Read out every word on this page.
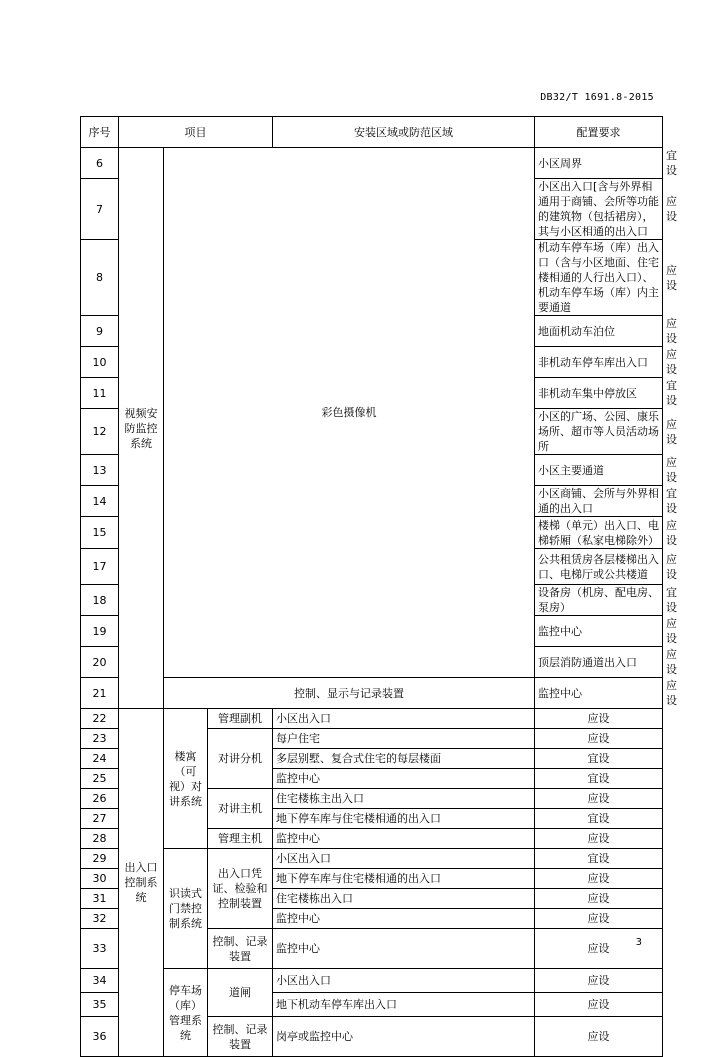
DB32/T 1691.8-2015
序号	项目			安装区域或防范区域	配置要求	
6	视频安防监控系统	彩色摄像机			小区周界	宜设
7					小区出入口[含与外界相通用于商铺、会所等功能的建筑物（包括裙房），其与小区相通的出入口	应设
8					机动车停车场（库）出入口（含与小区地面、住宅楼相通的人行出入口）、机动车停车场（库）内主要通道	应设
9					地面机动车泊位	应设
10					非机动车停车库出入口	应设
11					非机动车集中停放区	宜设
12					小区的广场、公园、康乐场所、超市等人员活动场所	应设
13					小区主要通道	应设
14					小区商铺、会所与外界相通的出入口	宜设
15					楼梯（单元）出入口、电梯轿厢（私家电梯除外）	应设
17					公共租赁房各层楼梯出入口、电梯厅或公共楼道	应设
18					设备房（机房、配电房、泵房）	宜设
19					监控中心	应设
20					顶层消防通道出入口	应设
21		控制、显示与记录装置			监控中心	应设
22	出入口控制系统	楼寓（可视）对讲系统	管理副机	小区出入口	应设	
23			对讲分机	每户住宅	应设	
24				多层别墅、复合式住宅的每层楼面	宜设	
25				监控中心	宜设	
26			对讲主机	住宅楼栋主出入口	应设	
27				地下停车库与住宅楼相通的出入口	宜设	
28			管理主机	监控中心	应设	
29		识读式门禁控制系统	出入口凭证、检验和控制装置	小区出入口	宜设	
30				地下停车库与住宅楼相通的出入口	应设	
31				住宅楼栋出入口	应设	
32				监控中心	应设	
33			控制、记录装置	监控中心	应设	
34		停车场（库）管理系统	道闸	小区出入口	应设	
35				地下机动车停车库出入口	应设	
36			控制、记录装置	岗亭或监控中心	应设	
3
